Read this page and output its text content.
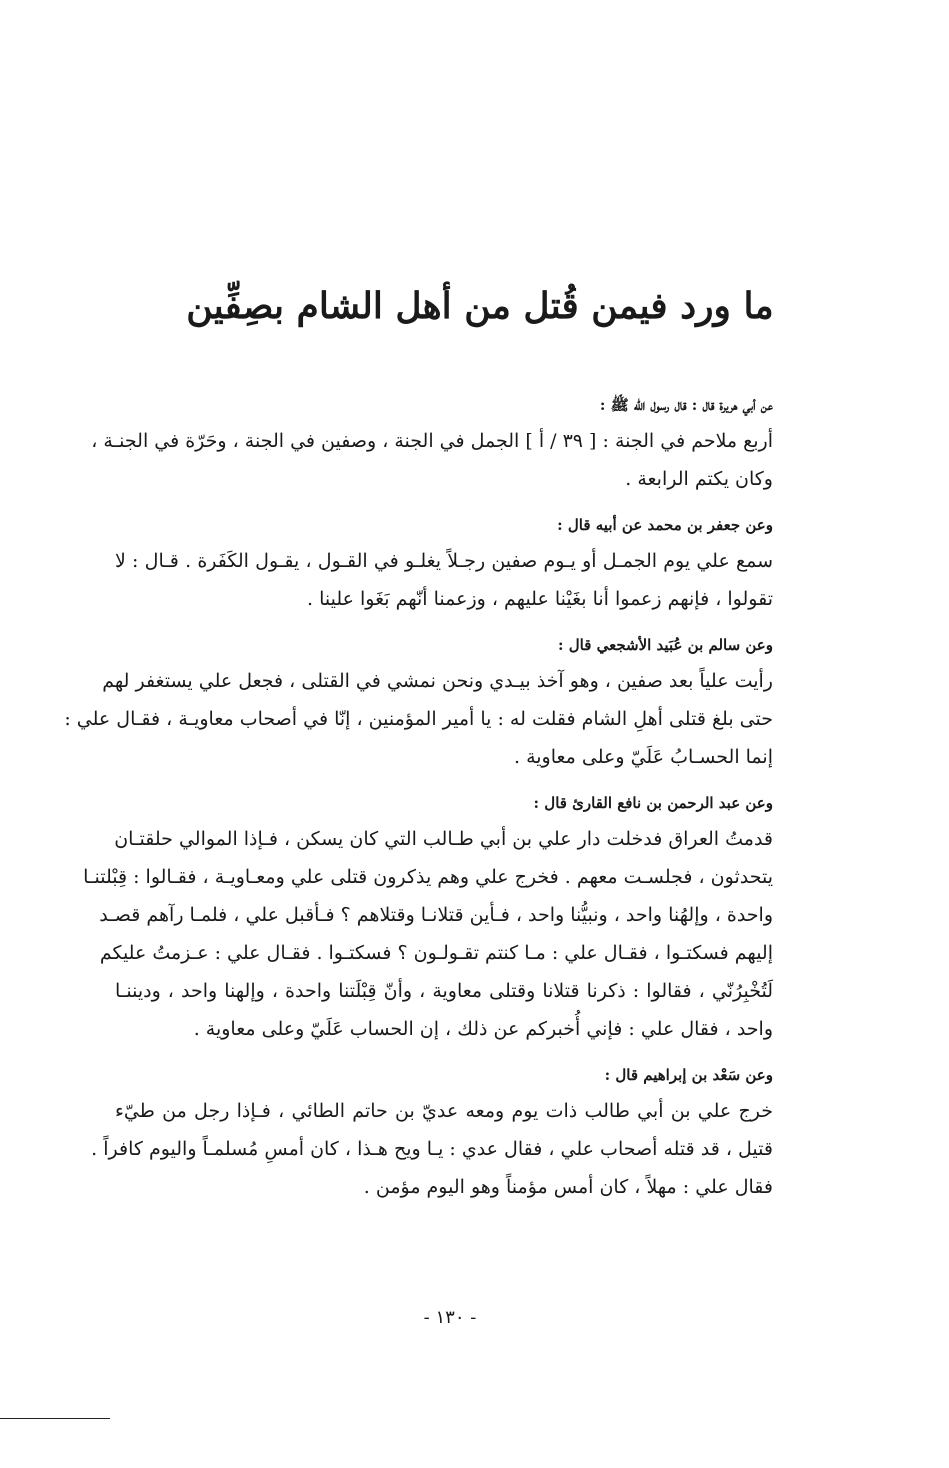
ما ورد فيمن قُتل من أهل الشام بصِفِّين

عن أبي هريرة قال : قال رسول الله ﷺ :

أربع ملاحم في الجنة : [ ٣٩ / أ ] الجمل في الجنة ، وصفين في الجنة ، وحَرّة في الجنـة ،
وكان يكتم الرابعة .

وعن جعفر بن محمد عن أبيه قال :

سمع علي يوم الجمـل أو يـوم صفين رجـلاً يغلـو في القـول ، يقـول الكَفَرة . قـال : لا
تقولوا ، فإنهم زعموا أنا بغَيْنا عليهم ، وزعمنا أنّهم بَغَوا علينا .

وعن سالم بن عُبَيد الأشجعي قال :

رأيت علياً بعد صفين ، وهو آخذ بيـدي ونحن نمشي في القتلى ، فجعل علي يستغفر لهم
حتى بلغ قتلى أهلِ الشام فقلت له : يا أمير المؤمنين ، إنّا في أصحاب معاويـة ، فقـال علي :
إنما الحسـابُ عَلَيّ وعلى معاوية .

وعن عبد الرحمن بن نافع القارئ قال :

قدمتُ العراق فدخلت دار علي بن أبي طـالب التي كان يسكن ، فـإذا الموالي حلقتـان
يتحدثون ، فجلسـت معهم . فخرج علي وهم يذكرون قتلى علي ومعـاويـة ، فقـالوا : قِبْلتنـا
واحدة ، وإلهُنا واحد ، ونبيُّنا واحد ، فـأين قتلانـا وقتلاهم ؟ فـأقبل علي ، فلمـا رآهم قصـد
إليهم فسكتـوا ، فقـال علي : مـا كنتم تقـولـون ؟ فسكتـوا . فقـال علي : عـزمتُ عليكم
لَتُخْبِرُنّي ، فقالوا : ذكرنا قتلانا وقتلى معاوية ، وأنّ قِبْلَتنا واحدة ، وإلهنا واحد ، وديننـا
واحد ، فقال علي : فإني أُخبركم عن ذلك ، إن الحساب عَلَيّ وعلى معاوية .

وعن سَعْد بن إبراهيم قال :

خرج علي بن أبي طالب ذات يوم ومعه عديّ بن حاتم الطائي ، فـإذا رجل من طيّء
قتيل ، قد قتله أصحاب علي ، فقال عدي : يـا ويح هـذا ، كان أمسِ مُسلمـاً واليوم كافراً .
فقال علي : مهلاً ، كان أمس مؤمناً وهو اليوم مؤمن .

- ١٣٠ -
